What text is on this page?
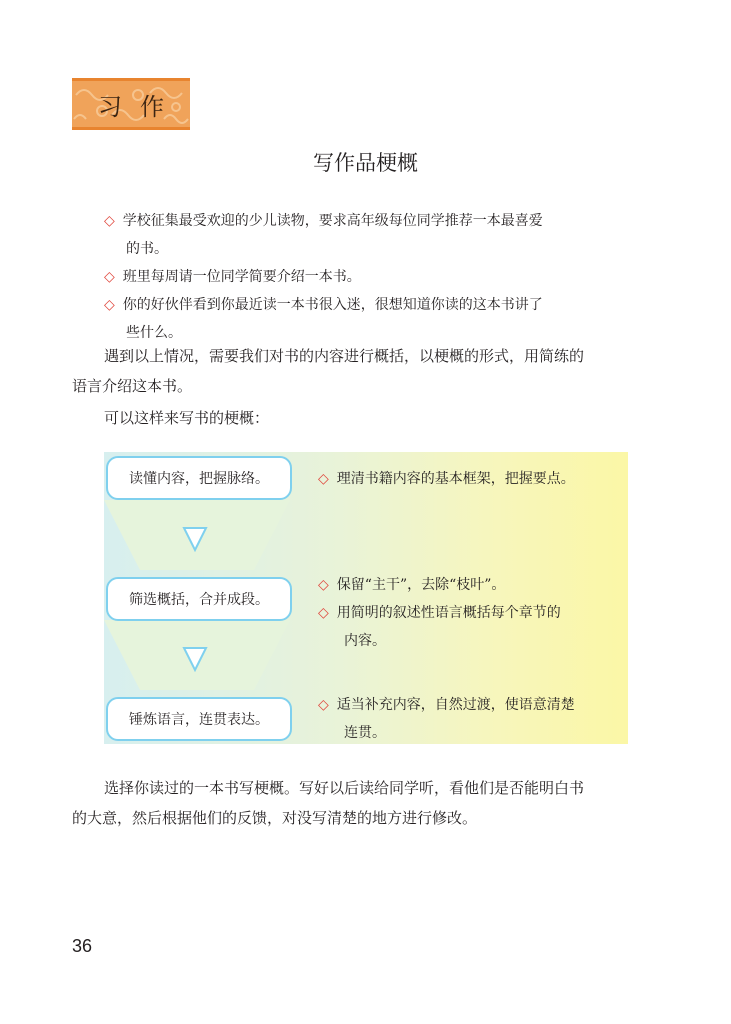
习作
写作品梗概
◇ 学校征集最受欢迎的少儿读物，要求高年级每位同学推荐一本最喜爱
的书。
◇ 班里每周请一位同学简要介绍一本书。
◇ 你的好伙伴看到你最近读一本书很入迷，很想知道你读的这本书讲了
些什么。
遇到以上情况，需要我们对书的内容进行概括，以梗概的形式，用简练的
语言介绍这本书。
可以这样来写书的梗概：
读懂内容，把握脉络。	◇ 理清书籍内容的基本框架，把握要点。
筛选概括，合并成段。
◇ 保留“主干”，去除“枝叶”。
◇ 用简明的叙述性语言概括每个章节的
内容。
锤炼语言，连贯表达。
◇ 适当补充内容，自然过渡，使语意清楚
连贯。
选择你读过的一本书写梗概。写好以后读给同学听，看他们是否能明白书
的大意，然后根据他们的反馈，对没写清楚的地方进行修改。
36
